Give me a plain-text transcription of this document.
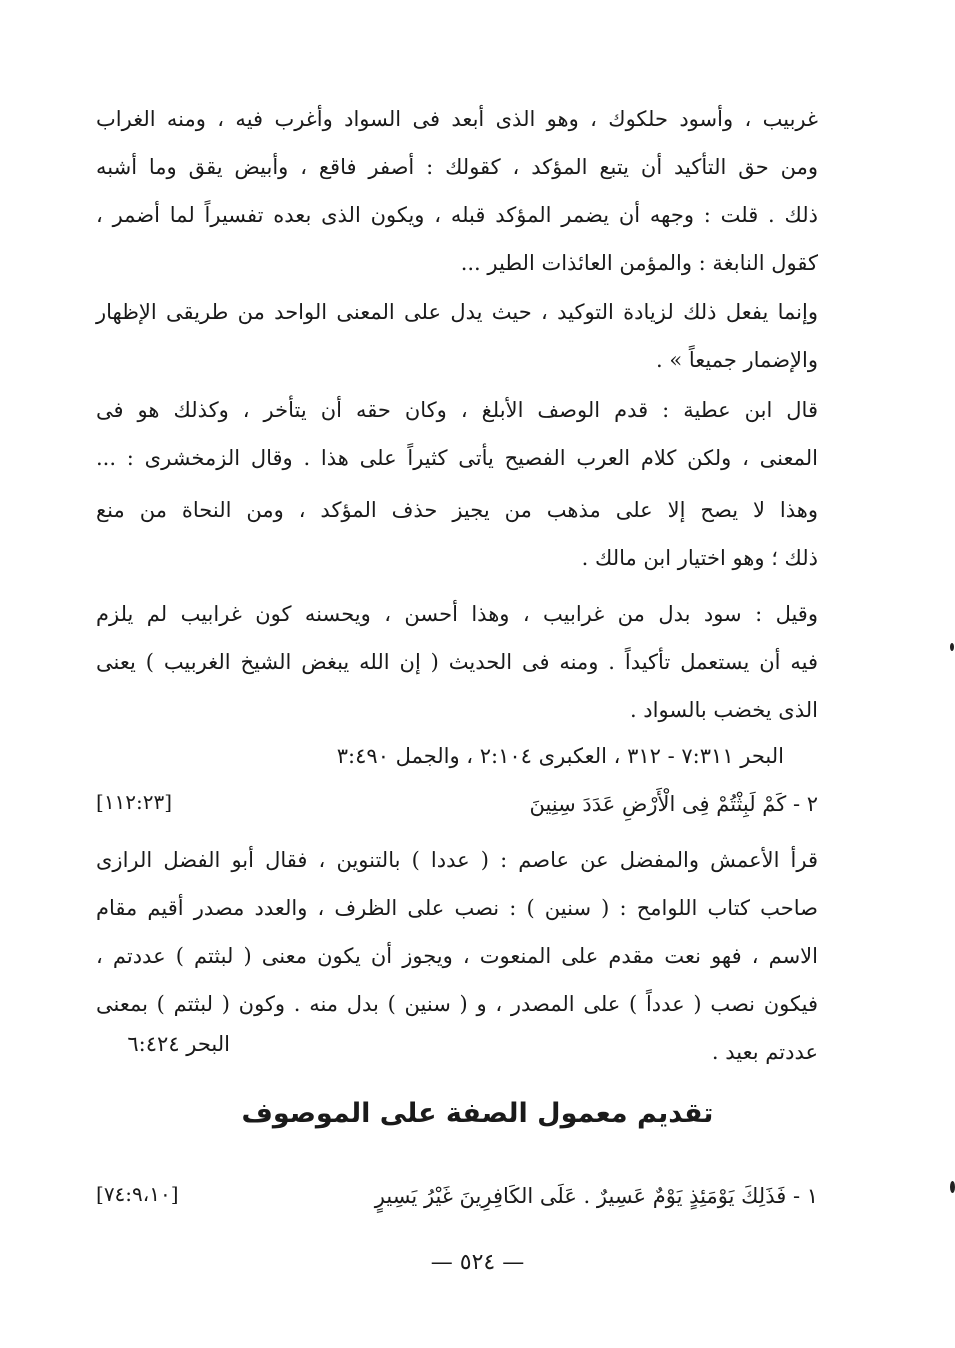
غربيب ، وأسود حلكوك ، وهو الذى أبعد فى السواد وأغرب فيه ، ومنه الغراب
ومن حق التأكيد أن يتبع المؤكد ، كقولك : أصفر فاقع ، وأبيض يقق وما أشبه
ذلك . قلت : وجهه أن يضمر المؤكد قبله ، ويكون الذى بعده تفسيراً لما أضمر ،
كقول النابغة : والمؤمن العائذات الطير ...
وإنما يفعل ذلك لزيادة التوكيد ، حيث يدل على المعنى الواحد من طريقى الإظهار
والإضمار جميعاً » .
قال ابن عطية : قدم الوصف الأبلغ ، وكان حقه أن يتأخر ، وكذلك هو فى
المعنى ، ولكن كلام العرب الفصيح يأتى كثيراً على هذا . وقال الزمخشرى : ...
وهذا لا يصح إلا على مذهب من يجيز حذف المؤكد ، ومن النحاة من منع
ذلك ؛ وهو اختيار ابن مالك .
وقيل : سود بدل من غرابيب ، وهذا أحسن ، ويحسنه كون غرابيب لم يلزم
فيه أن يستعمل تأكيداً . ومنه فى الحديث ( إن الله يبغض الشيخ الغربيب ) يعنى
الذى يخضب بالسواد .
البحر ٧:٣١١ - ٣١٢ ، العكبرى ٢:١٠٤ ، والجمل ٣:٤٩٠
٢ - كَمْ لَبِثْتُمْ فِى الْأَرْضِ عَدَدَ سِنِينَ
[١١٢:٢٣]
قرأ الأعمش والمفضل عن عاصم : ( عددا ) بالتنوين ، فقال أبو الفضل الرازى
صاحب كتاب اللوامح : ( سنين ) : نصب على الظرف ، والعدد مصدر أقيم مقام
الاسم ، فهو نعت مقدم على المنعوت ، ويجوز أن يكون معنى ( لبثتم ) عددتم ،
فيكون نصب ( عدداً ) على المصدر ، و ( سنين ) بدل منه . وكون ( لبثتم ) بمعنى
عددتم بعيد .
البحر ٦:٤٢٤
تقديم معمول الصفة على الموصوف
١ - فَذَلِكَ يَوْمَئِذٍ يَوْمٌ عَسِيرٌ . عَلَى الكَافِرِينَ غَيْرُ يَسِيرٍ
[٧٤:٩،١٠]
— ٥٢٤ —
